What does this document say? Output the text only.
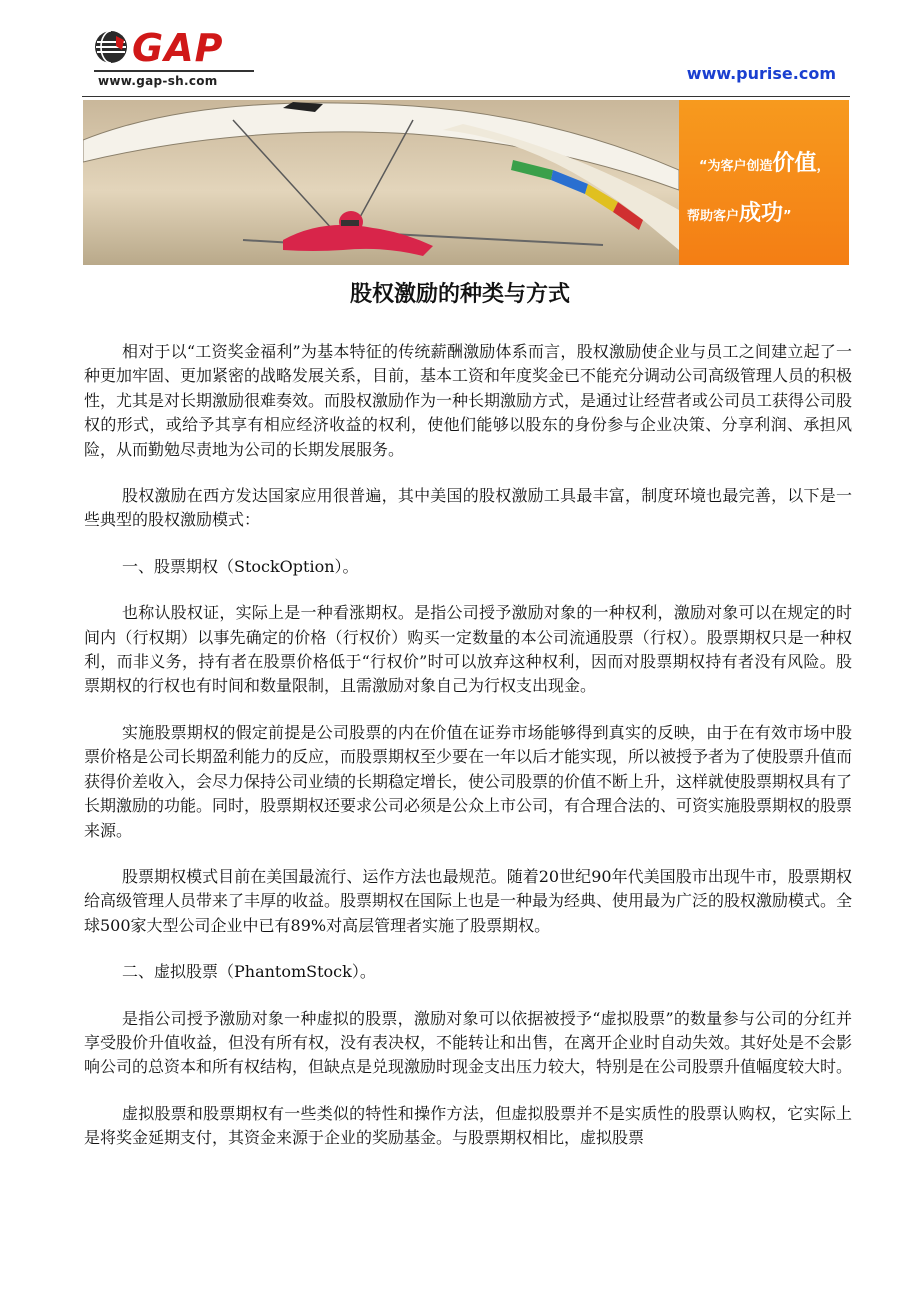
GAP
www.gap-sh.com	www.purise.com
“为客户创造价值，
帮助客户成功”
股权激励的种类与方式

相对于以“工资奖金福利”为基本特征的传统薪酬激励体系而言，股权激励使企业与员工之间建立起了一种更加牢固、更加紧密的战略发展关系，目前，基本工资和年度奖金已不能充分调动公司高级管理人员的积极性，尤其是对长期激励很难奏效。而股权激励作为一种长期激励方式，是通过让经营者或公司员工获得公司股权的形式，或给予其享有相应经济收益的权利，使他们能够以股东的身份参与企业决策、分享利润、承担风险，从而勤勉尽责地为公司的长期发展服务。

股权激励在西方发达国家应用很普遍，其中美国的股权激励工具最丰富，制度环境也最完善，以下是一些典型的股权激励模式：

一、股票期权（StockOption）。

也称认股权证，实际上是一种看涨期权。是指公司授予激励对象的一种权利，激励对象可以在规定的时间内（行权期）以事先确定的价格（行权价）购买一定数量的本公司流通股票（行权）。股票期权只是一种权利，而非义务，持有者在股票价格低于“行权价”时可以放弃这种权利，因而对股票期权持有者没有风险。股票期权的行权也有时间和数量限制，且需激励对象自己为行权支出现金。

实施股票期权的假定前提是公司股票的内在价值在证券市场能够得到真实的反映，由于在有效市场中股票价格是公司长期盈利能力的反应，而股票期权至少要在一年以后才能实现，所以被授予者为了使股票升值而获得价差收入，会尽力保持公司业绩的长期稳定增长，使公司股票的价值不断上升，这样就使股票期权具有了长期激励的功能。同时，股票期权还要求公司必须是公众上市公司，有合理合法的、可资实施股票期权的股票来源。

股票期权模式目前在美国最流行、运作方法也最规范。随着20世纪90年代美国股市出现牛市，股票期权给高级管理人员带来了丰厚的收益。股票期权在国际上也是一种最为经典、使用最为广泛的股权激励模式。全球500家大型公司企业中已有89%对高层管理者实施了股票期权。

二、虚拟股票（PhantomStock）。

是指公司授予激励对象一种虚拟的股票，激励对象可以依据被授予“虚拟股票”的数量参与公司的分红并享受股价升值收益，但没有所有权，没有表决权，不能转让和出售，在离开企业时自动失效。其好处是不会影响公司的总资本和所有权结构，但缺点是兑现激励时现金支出压力较大，特别是在公司股票升值幅度较大时。

虚拟股票和股票期权有一些类似的特性和操作方法，但虚拟股票并不是实质性的股票认购权，它实际上是将奖金延期支付，其资金来源于企业的奖励基金。与股票期权相比，虚拟股票
